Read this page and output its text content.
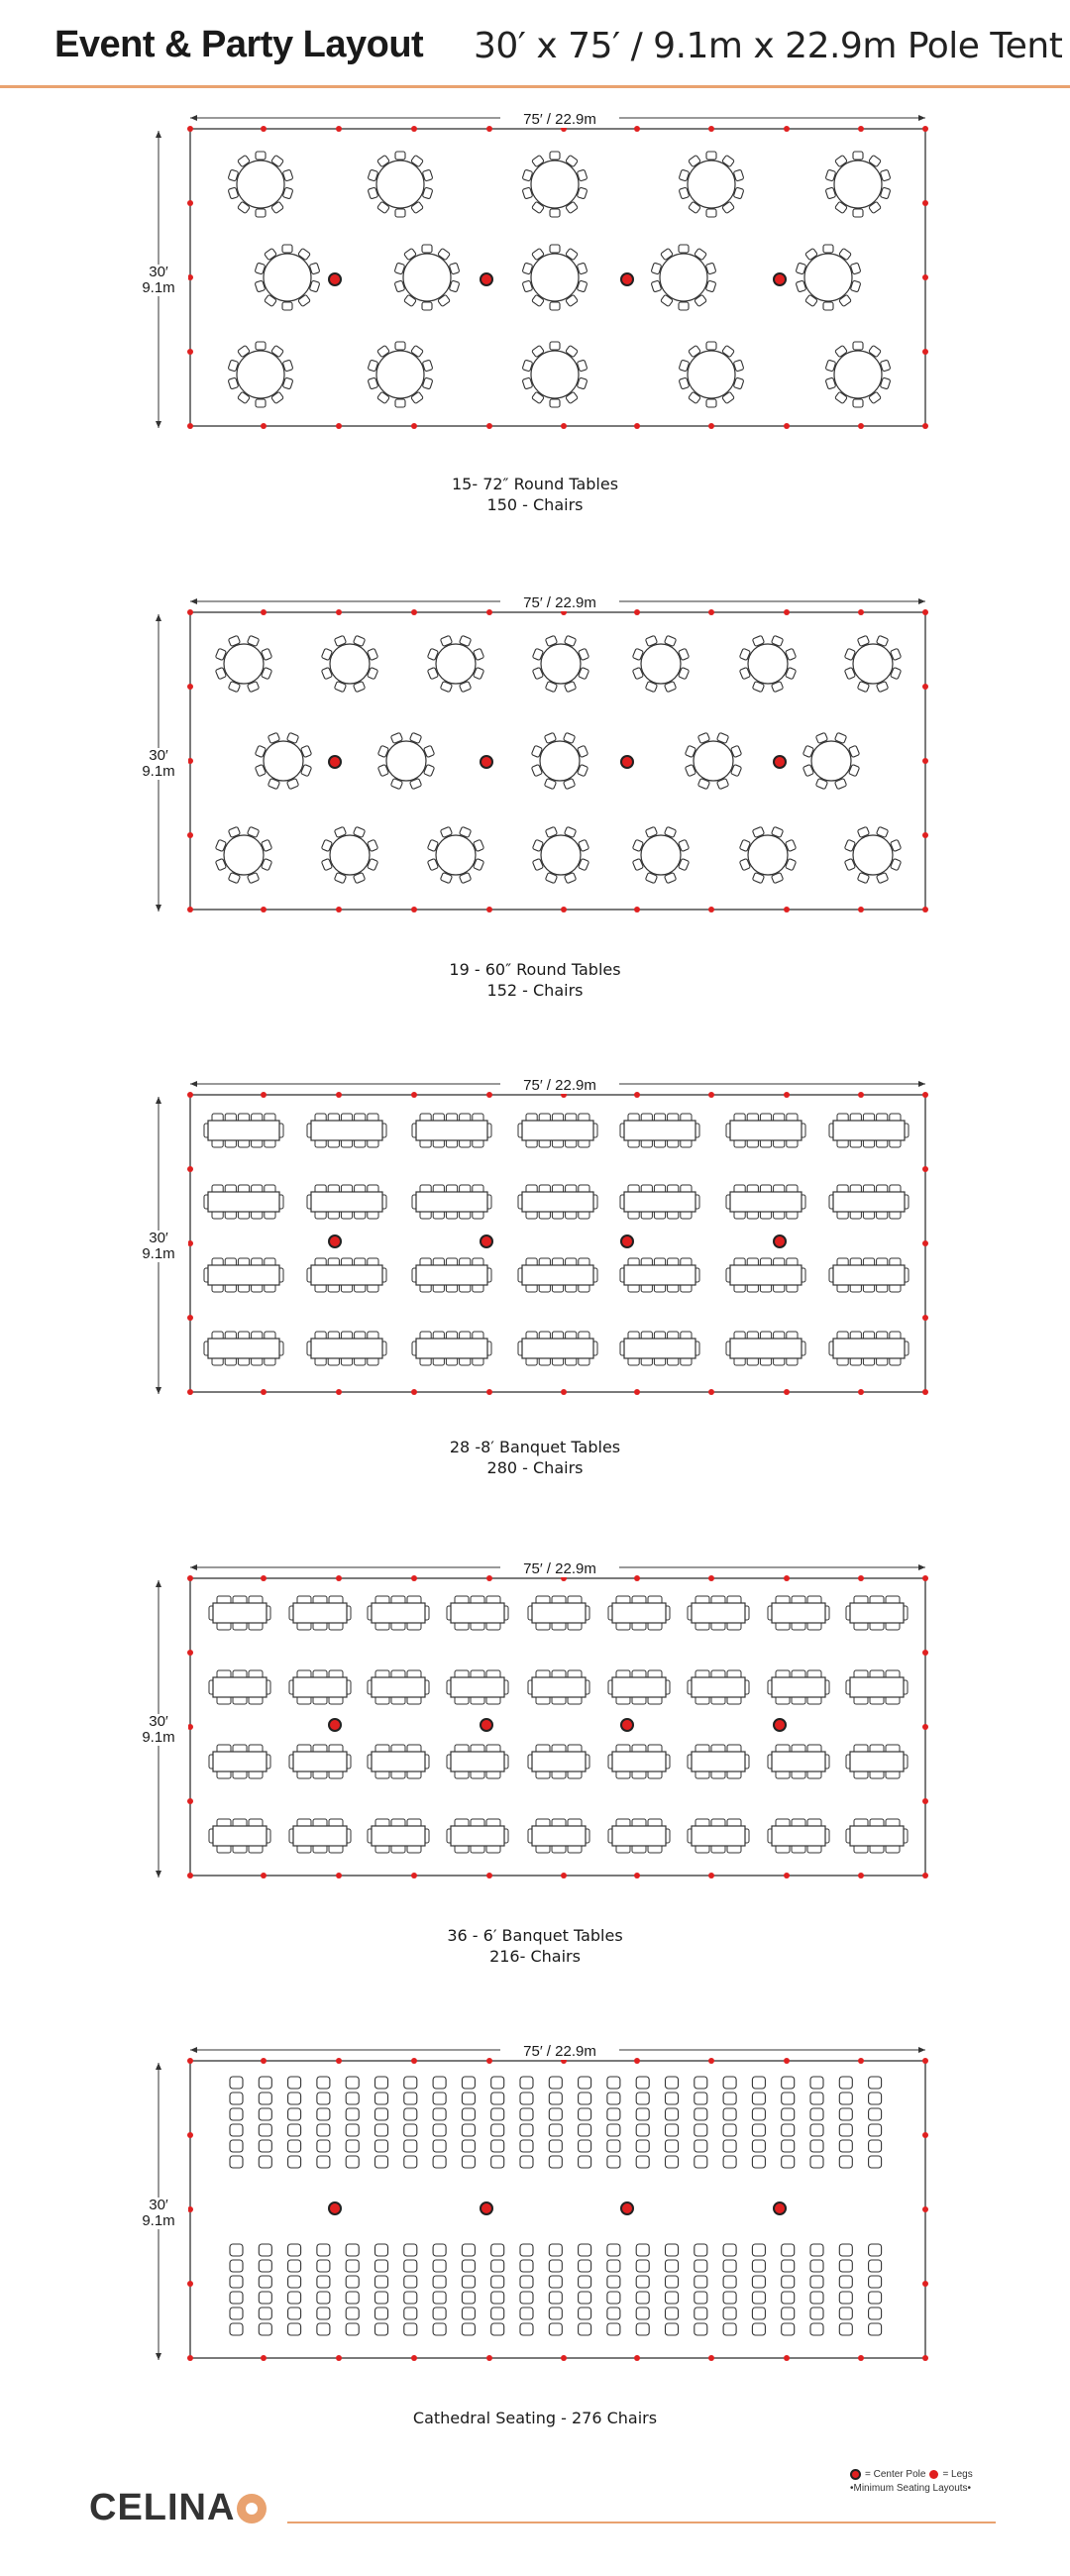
Event & Party Layout 30′ x 75′ / 9.1m x 22.9m Pole Tent
75′ / 22.9m
30′
9.1m
15- 72″ Round Tables
150 - Chairs
75′ / 22.9m
30′
9.1m
19 - 60″ Round Tables
152 - Chairs
75′ / 22.9m
30′
9.1m
28 -8′ Banquet Tables
280 - Chairs
75′ / 22.9m
30′
9.1m
36 - 6′ Banquet Tables
216- Chairs
75′ / 22.9m
30′
9.1m
Cathedral Seating - 276 Chairs
= Center Pole = Legs
•Minimum Seating Layouts•
CELINA
